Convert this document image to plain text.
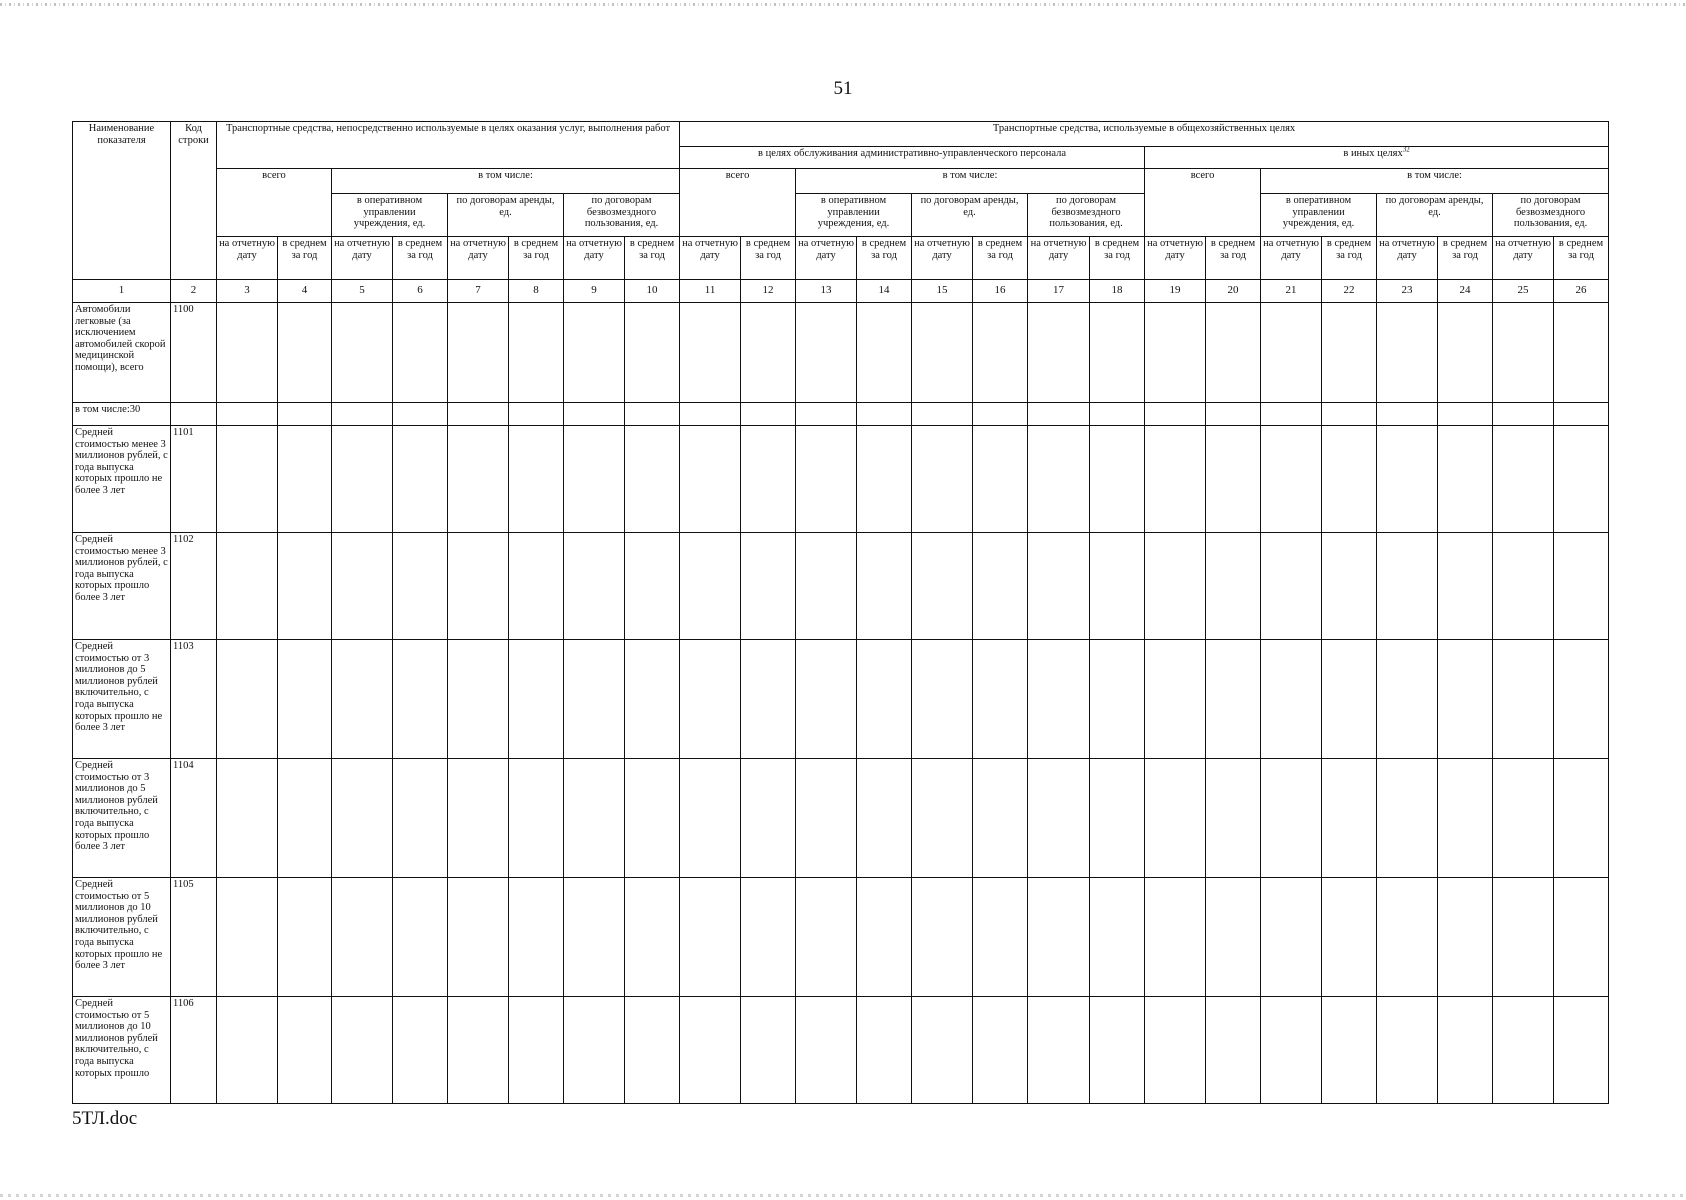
51
Наименование показателя	Код строки	Транспортные средства, непосредственно используемые в целях оказания услуг, выполнения работ								Транспортные средства, используемые в общехозяйственных целях															
										в целях обслуживания административно-управленческого персонала								в иных целях$^{32}$
		всего		в том числе:						всего		в том числе:						всего		в том числе:					
				в оперативном управлении учреждения, ед.		по договорам аренды, ед.		по договорам безвозмездного пользования, ед.				в оперативном управлении учреждения, ед.		по договорам аренды, ед.		по договорам безвозмездного пользования, ед.				в оперативном управлении учреждения, ед.		по договорам аренды, ед.		по договорам безвозмездного пользования, ед.	
		на отчетную дату	в среднем за год	на отчетную дату	в среднем за год	на отчетную дату	в среднем за год	на отчетную дату	в среднем за год	на отчетную дату	в среднем за год	на отчетную дату	в среднем за год	на отчетную дату	в среднем за год	на отчетную дату	в среднем за год	на отчетную дату	в среднем за год	на отчетную дату	в среднем за год	на отчетную дату	в среднем за год	на отчетную дату	в среднем за год
1	2	3	4	5	6	7	8	9	10	11	12	13	14	15	16	17	18	19	20	21	22	23	24	25	26
Автомобили легковые (за исключением автомобилей скорой медицинской помощи), всего	1100																								
в том числе:30																									
Средней стоимостью менее 3 миллионов рублей, с года выпуска которых прошло не более 3 лет	1101																								
Средней стоимостью менее 3 миллионов рублей, с года выпуска которых прошло более 3 лет	1102																								
Средней стоимостью от 3 миллионов до 5 миллионов рублей включительно, с года выпуска которых прошло не более 3 лет	1103																								
Средней стоимостью от 3 миллионов до 5 миллионов рублей включительно, с года выпуска которых прошло более 3 лет	1104																								
Средней стоимостью от 5 миллионов до 10 миллионов рублей включительно, с года выпуска которых прошло не более 3 лет	1105																								
Средней стоимостью от 5 миллионов до 10 миллионов рублей включительно, с года выпуска которых прошло	1106																								
5ТЛ.doc
